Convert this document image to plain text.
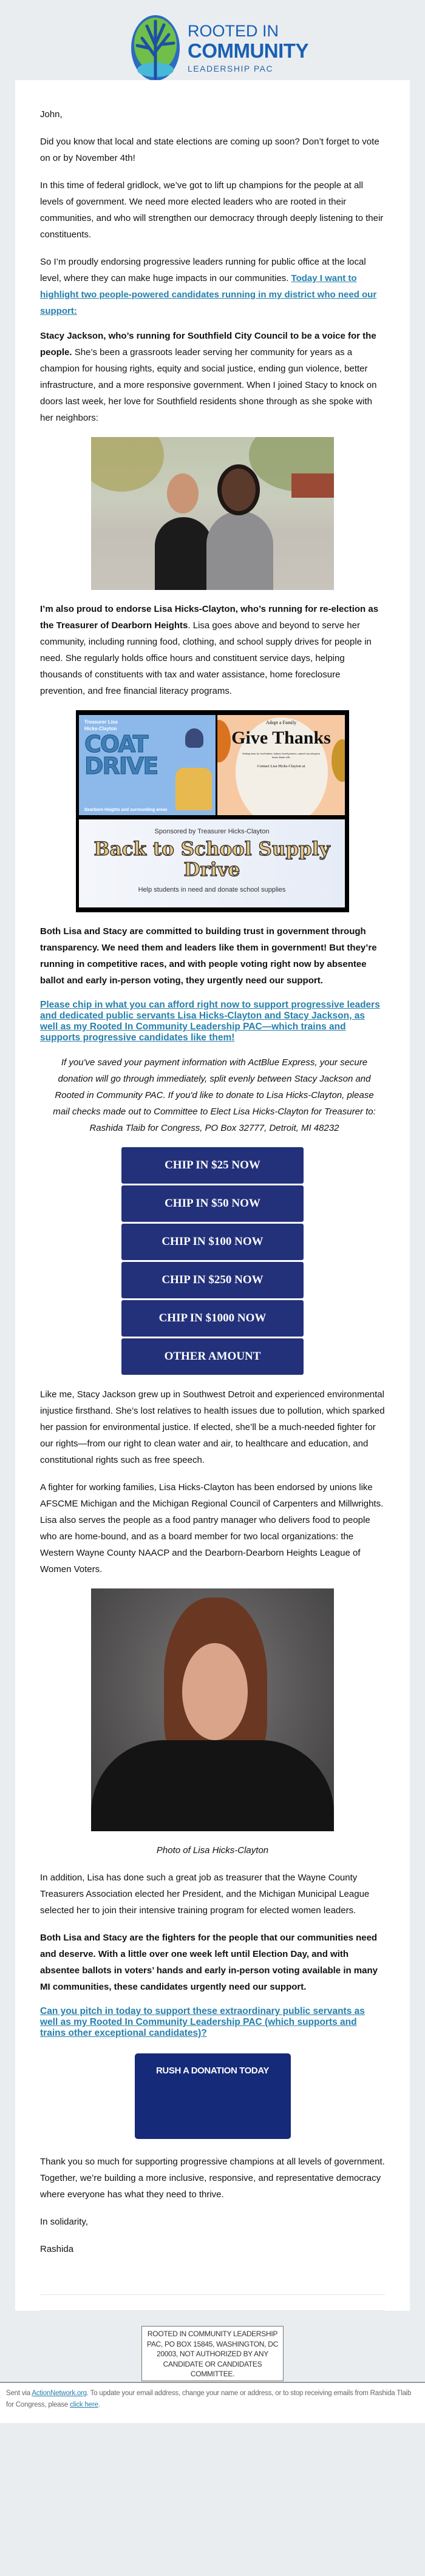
ROOTED IN
COMMUNITY
LEADERSHIP PAC

John,

Did you know that local and state elections are coming up soon? Don’t forget to vote on or by November 4th!

In this time of federal gridlock, we’ve got to lift up champions for the people at all levels of government. We need more elected leaders who are rooted in their communities, and who will strengthen our democracy through deeply listening to their constituents.

So I’m proudly endorsing progressive leaders running for public office at the local level, where they can make huge impacts in our communities. Today I want to highlight two people-powered candidates running in my district who need our support:

Stacy Jackson, who’s running for Southfield City Council to be a voice for the people. She’s been a grassroots leader serving her community for years as a champion for housing rights, equity and social justice, ending gun violence, better infrastructure, and a more responsive government. When I joined Stacy to knock on doors last week, her love for Southfield residents shone through as she spoke with her neighbors:

I’m also proud to endorse Lisa Hicks-Clayton, who’s running for re-election as the Treasurer of Dearborn Heights. Lisa goes above and beyond to serve her community, including running food, clothing, and school supply drives for people in need. She regularly holds office hours and constituent service days, helping thousands of constituents with tax and water assistance, home foreclosure prevention, and free financial literacy programs.

Treasurer Lisa Hicks-Clayton
COAT DRIVE
Dearborn Heights and surrounding areas
Adopt a Family
Give Thanks
Seeking items for food baskets: turkeys, boxed potatoes, canned corn and green beans, dinner rolls
Contact Lisa Hicks-Clayton at
Sponsored by Treasurer Hicks-Clayton
Back to School Supply Drive
Help students in need and donate school supplies

Both Lisa and Stacy are committed to building trust in government through transparency. We need them and leaders like them in government! But they’re running in competitive races, and with people voting right now by absentee ballot and early in-person voting, they urgently need our support.

Please chip in what you can afford right now to support progressive leaders and dedicated public servants Lisa Hicks-Clayton and Stacy Jackson, as well as my Rooted In Community Leadership PAC—which trains and supports progressive candidates like them!

If you've saved your payment information with ActBlue Express, your secure donation will go through immediately, split evenly between Stacy Jackson and Rooted in Community PAC. If you'd like to donate to Lisa Hicks-Clayton, please mail checks made out to Committee to Elect Lisa Hicks-Clayton for Treasurer to: Rashida Tlaib for Congress, PO Box 32777, Detroit, MI 48232

CHIP IN $25 NOW
CHIP IN $50 NOW
CHIP IN $100 NOW
CHIP IN $250 NOW
CHIP IN $1000 NOW
OTHER AMOUNT

Like me, Stacy Jackson grew up in Southwest Detroit and experienced environmental injustice firsthand. She’s lost relatives to health issues due to pollution, which sparked her passion for environmental justice. If elected, she’ll be a much-needed fighter for our rights—from our right to clean water and air, to healthcare and education, and constitutional rights such as free speech.

A fighter for working families, Lisa Hicks-Clayton has been endorsed by unions like AFSCME Michigan and the Michigan Regional Council of Carpenters and Millwrights. Lisa also serves the people as a food pantry manager who delivers food to people who are home-bound, and as a board member for two local organizations: the Western Wayne County NAACP and the Dearborn-Dearborn Heights League of Women Voters.

Photo of Lisa Hicks-Clayton

In addition, Lisa has done such a great job as treasurer that the Wayne County Treasurers Association elected her President, and the Michigan Municipal League selected her to join their intensive training program for elected women leaders.

Both Lisa and Stacy are the fighters for the people that our communities need and deserve. With a little over one week left until Election Day, and with absentee ballots in voters’ hands and early in-person voting available in many MI communities, these candidates urgently need our support.

Can you pitch in today to support these extraordinary public servants as well as my Rooted In Community Leadership PAC (which supports and trains other exceptional candidates)?

RUSH A DONATION TODAY

Thank you so much for supporting progressive champions at all levels of government. Together, we’re building a more inclusive, responsive, and representative democracy where everyone has what they need to thrive.

In solidarity,

Rashida

ROOTED IN COMMUNITY LEADERSHIP PAC, PO BOX 15845, WASHINGTON, DC 20003, NOT AUTHORIZED BY ANY CANDIDATE OR CANDIDATES COMMITTEE.
Sent via ActionNetwork.org. To update your email address, change your name or address, or to stop receiving emails from Rashida Tlaib for Congress, please click here.
